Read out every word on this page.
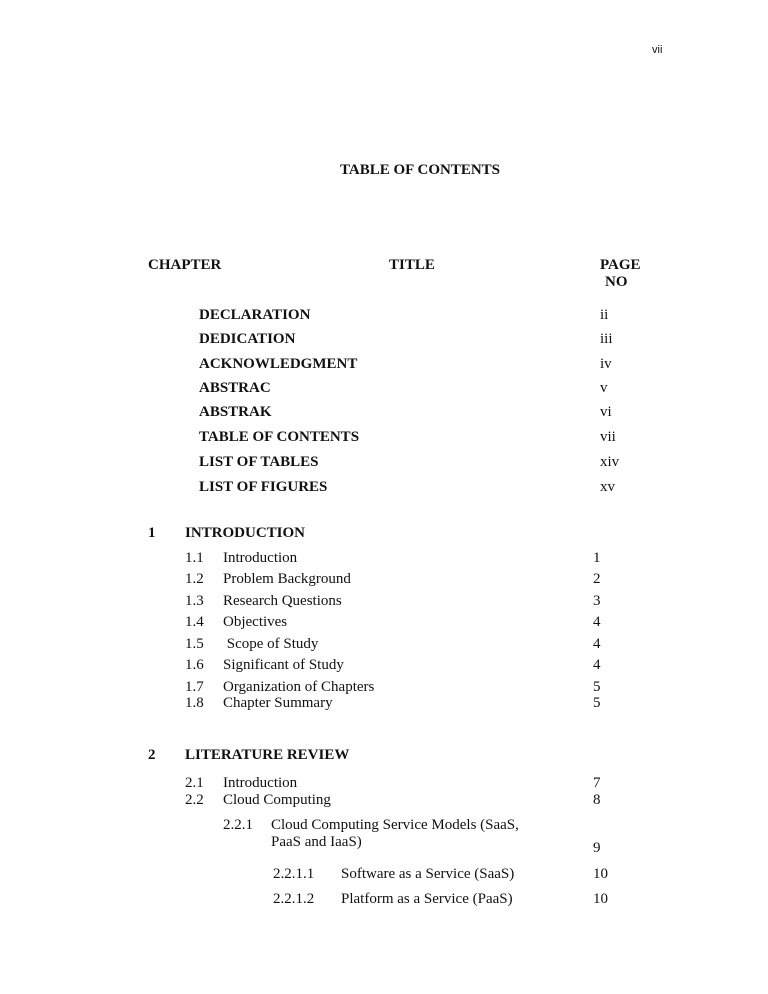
vii
TABLE OF CONTENTS
CHAPTER	TITLE	PAGE
NO
DECLARATION	ii
DEDICATION	iii
ACKNOWLEDGMENT	iv
ABSTRAC	v
ABSTRAK	vi
TABLE OF CONTENTS	vii
LIST OF TABLES	xiv
LIST OF FIGURES	xv
1 INTRODUCTION
1.1 Introduction	1
1.2 Problem Background	2
1.3 Research Questions	3
1.4 Objectives	4
1.5 Scope of Study	4
1.6 Significant of Study	4
1.7 Organization of Chapters	5
1.8 Chapter Summary	5
2 LITERATURE REVIEW
2.1 Introduction	7
2.2 Cloud Computing	8
2.2.1 Cloud Computing Service Models (SaaS,
PaaS and IaaS)	9
2.2.1.1 Software as a Service (SaaS)	10
2.2.1.2 Platform as a Service (PaaS)	10
